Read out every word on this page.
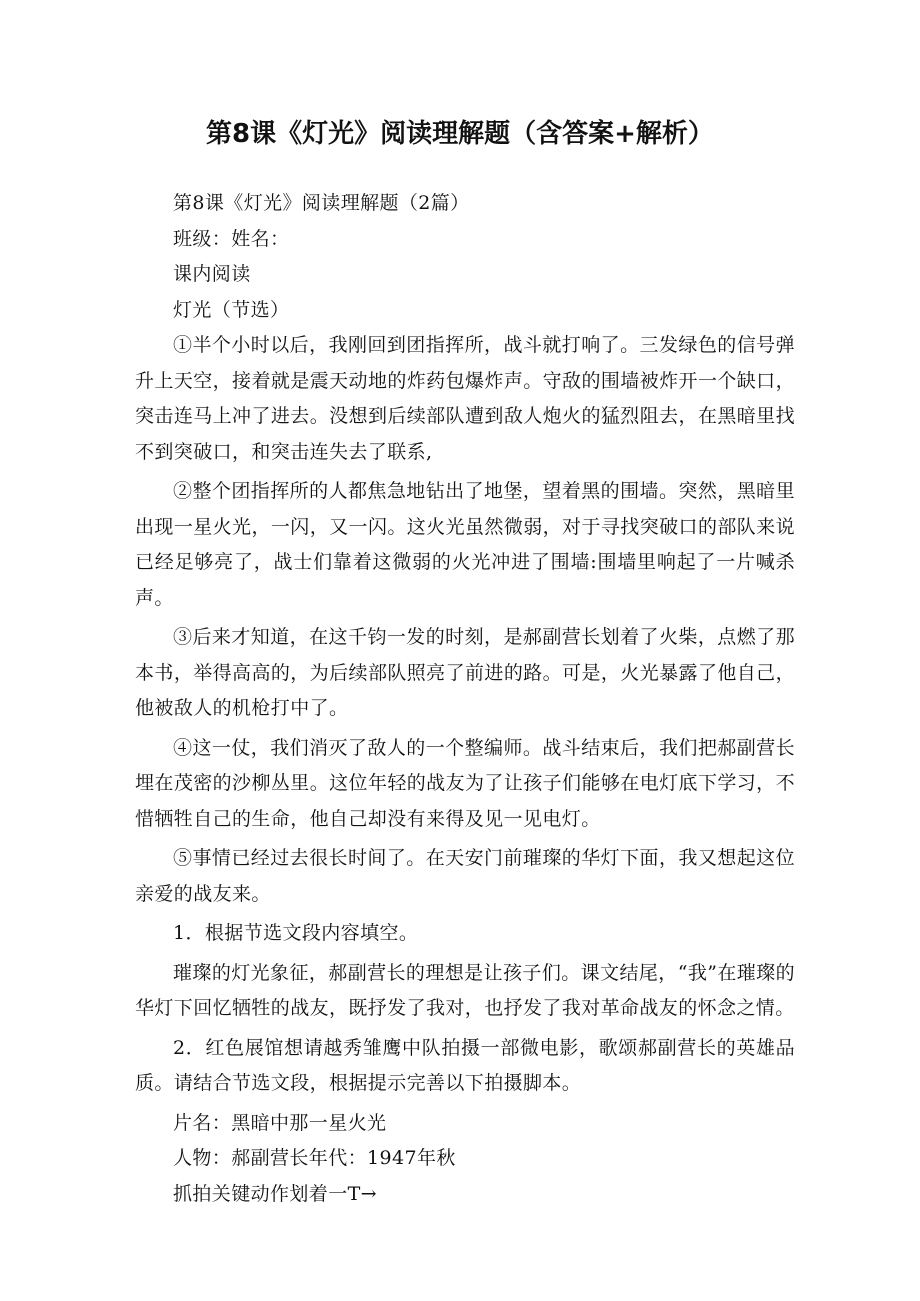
第8课《灯光》阅读理解题（含答案+解析）

第8课《灯光》阅读理解题（2篇）

班级：姓名：

课内阅读

灯光（节选）

①半个小时以后，我刚回到团指挥所，战斗就打响了。三发绿色的信号弹升上天空，接着就是震天动地的炸药包爆炸声。守敌的围墙被炸开一个缺口，突击连马上冲了进去。没想到后续部队遭到敌人炮火的猛烈阻去，在黑暗里找不到突破口，和突击连失去了联系,

②整个团指挥所的人都焦急地钻出了地堡，望着黑的围墙。突然，黑暗里出现一星火光，一闪，又一闪。这火光虽然微弱，对于寻找突破口的部队来说已经足够亮了，战士们靠着这微弱的火光冲进了围墙:围墙里响起了一片喊杀声。

③后来才知道，在这千钧一发的时刻，是郝副营长划着了火柴，点燃了那本书，举得高高的，为后续部队照亮了前进的路。可是，火光暴露了他自己，他被敌人的机枪打中了。

④这一仗，我们消灭了敌人的一个整编师。战斗结束后，我们把郝副营长埋在茂密的沙柳丛里。这位年轻的战友为了让孩子们能够在电灯底下学习，不惜牺牲自己的生命，他自己却没有来得及见一见电灯。

⑤事情已经过去很长时间了。在天安门前璀璨的华灯下面，我又想起这位亲爱的战友来。

1．根据节选文段内容填空。

璀璨的灯光象征，郝副营长的理想是让孩子们。课文结尾，“我”在璀璨的华灯下回忆牺牲的战友，既抒发了我对，也抒发了我对革命战友的怀念之情。

2．红色展馆想请越秀雏鹰中队拍摄一部微电影，歌颂郝副营长的英雄品质。请结合节选文段，根据提示完善以下拍摄脚本。

片名：黑暗中那一星火光

人物：郝副营长年代：1947年秋

抓拍关键动作划着一T→
